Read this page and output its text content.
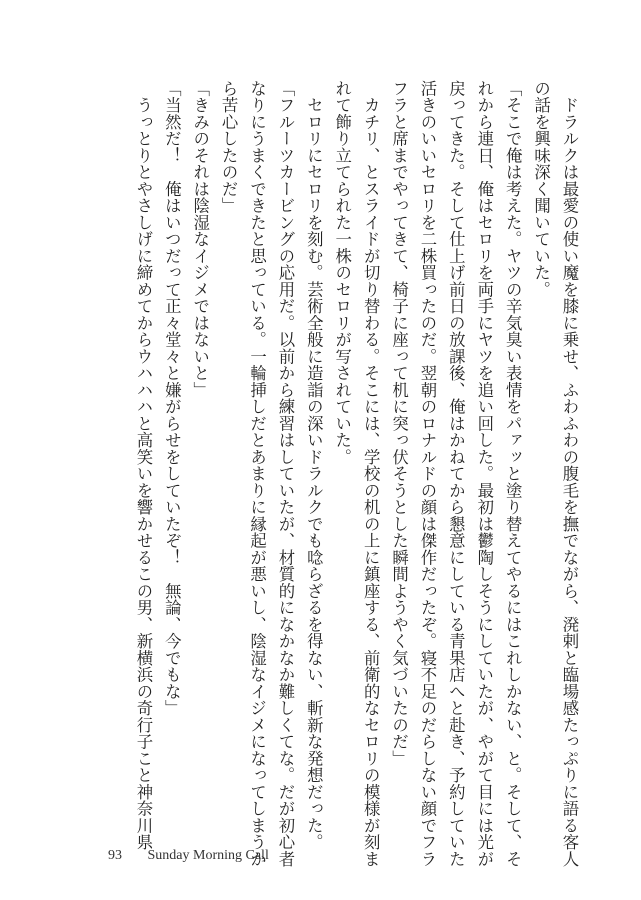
　ドラルクは最愛の使い魔を膝に乗せ、ふわふわの腹毛を撫でながら、溌剌と臨場感たっぷりに語る客人
の話を興味深く聞いていた。
「そこで俺は考えた。ヤツの辛気臭い表情をパァッと塗り替えてやるにはこれしかない、と。そして、そ
れから連日、俺はセロリを両手にヤツを追い回した。最初は鬱陶しそうにしていたが、やがて目には光が
戻ってきた。そして仕上げ前日の放課後、俺はかねてから懇意にしている青果店へと赴き、予約していた
活きのいいセロリを二株買ったのだ。翌朝のロナルドの顔は傑作だったぞ。寝不足のだらしない顔でフラ
フラと席までやってきて、椅子に座って机に突っ伏そうとした瞬間ようやく気づいたのだ」
　カチリ、とスライドが切り替わる。そこには、学校の机の上に鎮座する、前衛的なセロリの模様が刻ま
れて飾り立てられた一株のセロリが写されていた。
　セロリにセロリを刻む。芸術全般に造詣の深いドラルクでも唸らざるを得ない、斬新な発想だった。
「フルーツカービングの応用だ。以前から練習はしていたが、材質的になかなか難しくてな。だが初心者
なりにうまくできたと思っている。一輪挿しだとあまりに縁起が悪いし、陰湿なイジメになってしまうか
ら苦心したのだ」
「きみのそれは陰湿なイジメではないと」
「当然だ！　俺はいつだって正々堂々と嫌がらせをしていたぞ！　無論、今でもな」
　うっとりとやさしげに締めてからウハハハと高笑いを響かせるこの男、新横浜の奇行子こと神奈川県
93 Sunday Morning Call
